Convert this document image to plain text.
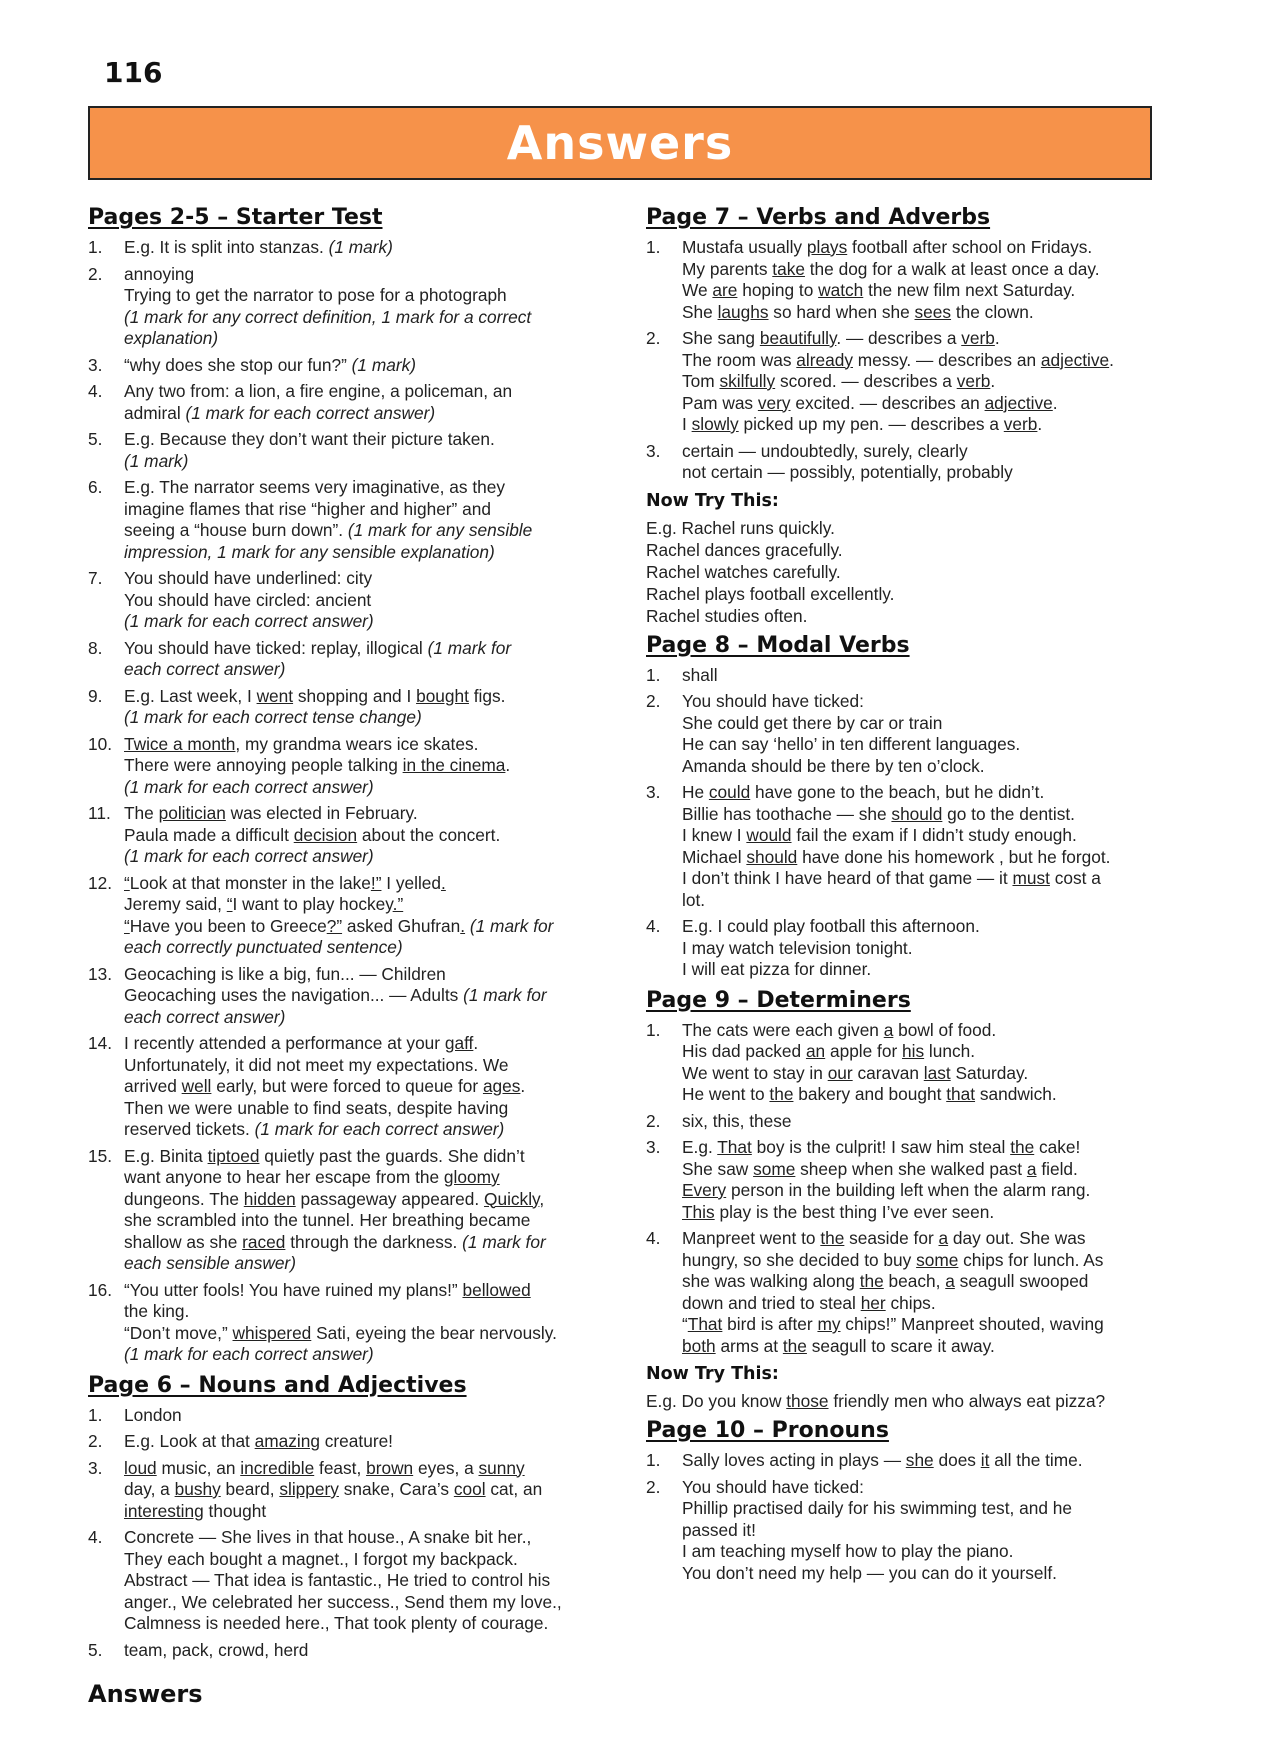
116
Answers
Pages 2-5 – Starter Test
1.	E.g. It is split into stanzas. (1 mark)
2.	annoying
Trying to get the narrator to pose for a photograph
(1 mark for any correct definition, 1 mark for a correct
explanation)
3.	“why does she stop our fun?” (1 mark)
4.	Any two from: a lion, a fire engine, a policeman, an
admiral (1 mark for each correct answer)
5.	E.g. Because they don’t want their picture taken.
(1 mark)
6.	E.g. The narrator seems very imaginative, as they
imagine flames that rise “higher and higher” and
seeing a “house burn down”. (1 mark for any sensible
impression, 1 mark for any sensible explanation)
7.	You should have underlined: city
You should have circled: ancient
(1 mark for each correct answer)
8.	You should have ticked: replay, illogical (1 mark for
each correct answer)
9.	E.g. Last week, I went shopping and I bought figs.
(1 mark for each correct tense change)
10. Twice a month, my grandma wears ice skates.
There were annoying people talking in the cinema.
(1 mark for each correct answer)
11. The politician was elected in February.
Paula made a difficult decision about the concert.
(1 mark for each correct answer)
12. “Look at that monster in the lake!” I yelled.
Jeremy said, “I want to play hockey.”
“Have you been to Greece?” asked Ghufran. (1 mark for
each correctly punctuated sentence)
13. Geocaching is like a big, fun... — Children
Geocaching uses the navigation... — Adults (1 mark for
each correct answer)
14. I recently attended a performance at your gaff.
Unfortunately, it did not meet my expectations. We
arrived well early, but were forced to queue for ages.
Then we were unable to find seats, despite having
reserved tickets. (1 mark for each correct answer)
15. E.g. Binita tiptoed quietly past the guards. She didn’t
want anyone to hear her escape from the gloomy
dungeons. The hidden passageway appeared. Quickly,
she scrambled into the tunnel. Her breathing became
shallow as she raced through the darkness. (1 mark for
each sensible answer)
16. “You utter fools! You have ruined my plans!” bellowed
the king.
“Don’t move,” whispered Sati, eyeing the bear nervously.
(1 mark for each correct answer)
Page 6 – Nouns and Adjectives
1.	London
2.	E.g. Look at that amazing creature!
3.	loud music, an incredible feast, brown eyes, a sunny
day, a bushy beard, slippery snake, Cara’s cool cat, an
interesting thought
4.	Concrete — She lives in that house., A snake bit her.,
They each bought a magnet., I forgot my backpack.
Abstract — That idea is fantastic., He tried to control his
anger., We celebrated her success., Send them my love.,
Calmness is needed here., That took plenty of courage.
5.	team, pack, crowd, herd
Page 7 – Verbs and Adverbs
1.	Mustafa usually plays football after school on Fridays.
My parents take the dog for a walk at least once a day.
We are hoping to watch the new film next Saturday.
She laughs so hard when she sees the clown.
2.	She sang beautifully. — describes a verb.
The room was already messy. — describes an adjective.
Tom skilfully scored. — describes a verb.
Pam was very excited. — describes an adjective.
I slowly picked up my pen. — describes a verb.
3.	certain — undoubtedly, surely, clearly
not certain — possibly, potentially, probably
Now Try This:
E.g. Rachel runs quickly.
Rachel dances gracefully.
Rachel watches carefully.
Rachel plays football excellently.
Rachel studies often.
Page 8 – Modal Verbs
1.	shall
2.	You should have ticked:
She could get there by car or train
He can say ‘hello’ in ten different languages.
Amanda should be there by ten o’clock.
3.	He could have gone to the beach, but he didn’t.
Billie has toothache — she should go to the dentist.
I knew I would fail the exam if I didn’t study enough.
Michael should have done his homework , but he forgot.
I don’t think I have heard of that game — it must cost a
lot.
4.	E.g. I could play football this afternoon.
I may watch television tonight.
I will eat pizza for dinner.
Page 9 – Determiners
1.	The cats were each given a bowl of food.
His dad packed an apple for his lunch.
We went to stay in our caravan last Saturday.
He went to the bakery and bought that sandwich.
2.	six, this, these
3.	E.g. That boy is the culprit! I saw him steal the cake!
She saw some sheep when she walked past a field.
Every person in the building left when the alarm rang.
This play is the best thing I’ve ever seen.
4.	Manpreet went to the seaside for a day out. She was
hungry, so she decided to buy some chips for lunch. As
she was walking along the beach, a seagull swooped
down and tried to steal her chips.
“That bird is after my chips!” Manpreet shouted, waving
both arms at the seagull to scare it away.
Now Try This:
E.g. Do you know those friendly men who always eat pizza?
Page 10 – Pronouns
1.	Sally loves acting in plays — she does it all the time.
2.	You should have ticked:
Phillip practised daily for his swimming test, and he
passed it!
I am teaching myself how to play the piano.
You don’t need my help — you can do it yourself.
Answers
